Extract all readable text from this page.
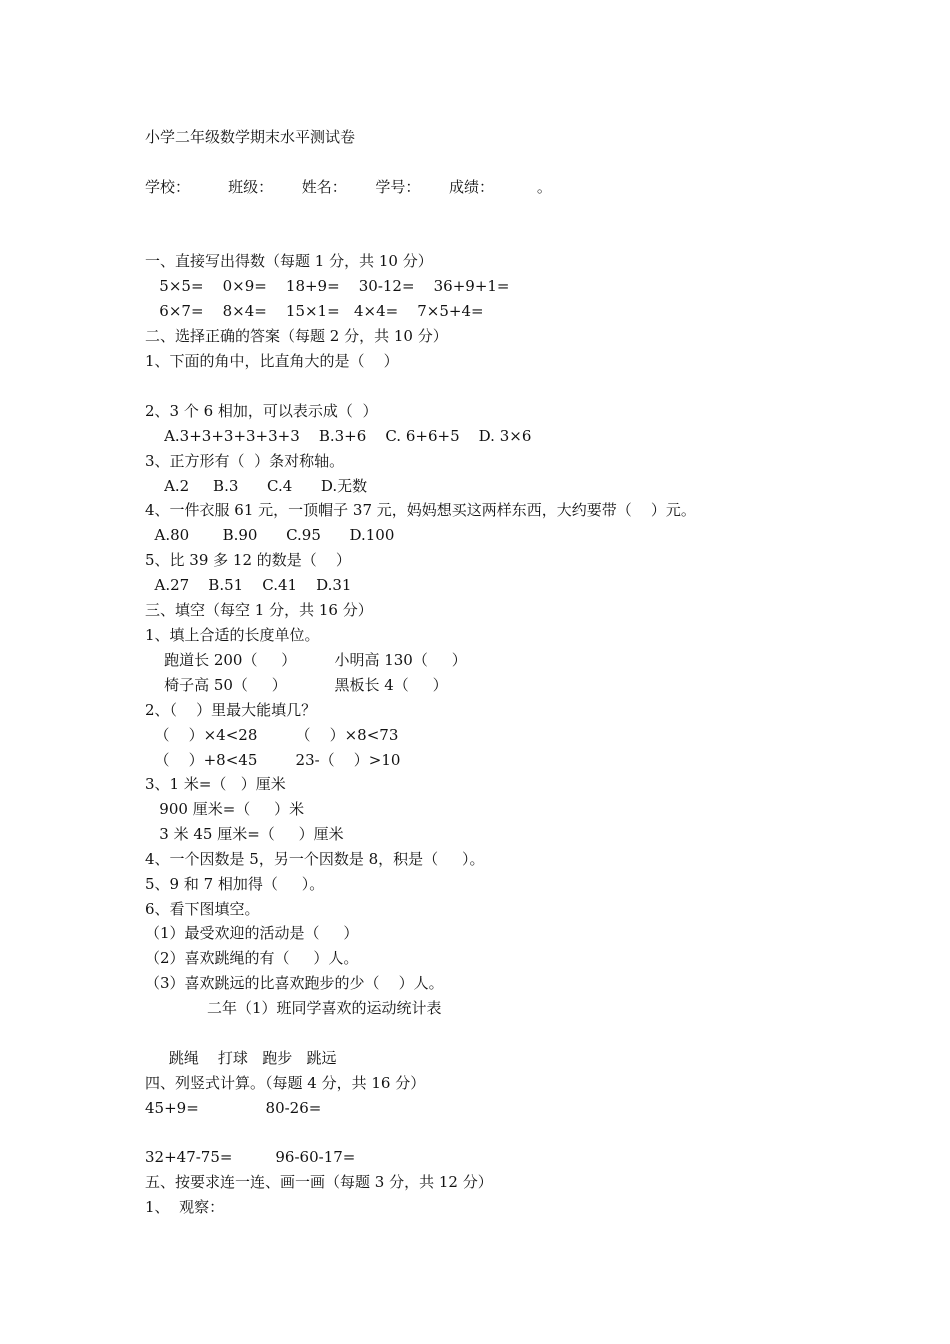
小学二年级数学期末水平测试卷
学校：        班级：      姓名：      学号：      成绩：         。
一、直接写出得数（每题 1 分，共 10 分）
5×5=    0×9=    18+9=    30-12=    36+9+1=
6×7=    8×4=    15×1=   4×4=    7×5+4=
二、选择正确的答案（每题 2 分，共 10 分）
1、下面的角中，比直角大的是（    ）
2、3 个 6 相加，可以表示成（  ）
A.3+3+3+3+3+3    B.3+6    C. 6+6+5    D. 3×6
3、正方形有（  ）条对称轴。
A.2     B.3      C.4      D.无数
4、一件衣服 61 元，一顶帽子 37 元，妈妈想买这两样东西，大约要带（    ）元。
A.80       B.90      C.95      D.100
5、比 39 多 12 的数是（    ）
A.27    B.51    C.41    D.31
三、填空（每空 1 分，共 16 分）
1、填上合适的长度单位。
跑道长 200（     ）        小明高 130（     ）
椅子高 50（     ）          黑板长 4（     ）
2、（    ）里最大能填几？
（    ）×4<28        （    ）×8<73
（    ）+8<45        23-（    ）>10
3、1 米=（   ）厘米
900 厘米=（     ）米
3 米 45 厘米=（     ）厘米
4、一个因数是 5，另一个因数是 8，积是（     ）。
5、9 和 7 相加得（     ）。
6、看下图填空。
（1）最受欢迎的活动是（     ）
（2）喜欢跳绳的有（     ）人。
（3）喜欢跳远的比喜欢跑步的少（    ）人。
二年（1）班同学喜欢的运动统计表
跳绳    打球   跑步   跳远
四、列竖式计算。（每题 4 分，共 16 分）
45+9=              80-26=
32+47-75=         96-60-17=
五、按要求连一连、画一画（每题 3 分，共 12 分）
1、  观察：
